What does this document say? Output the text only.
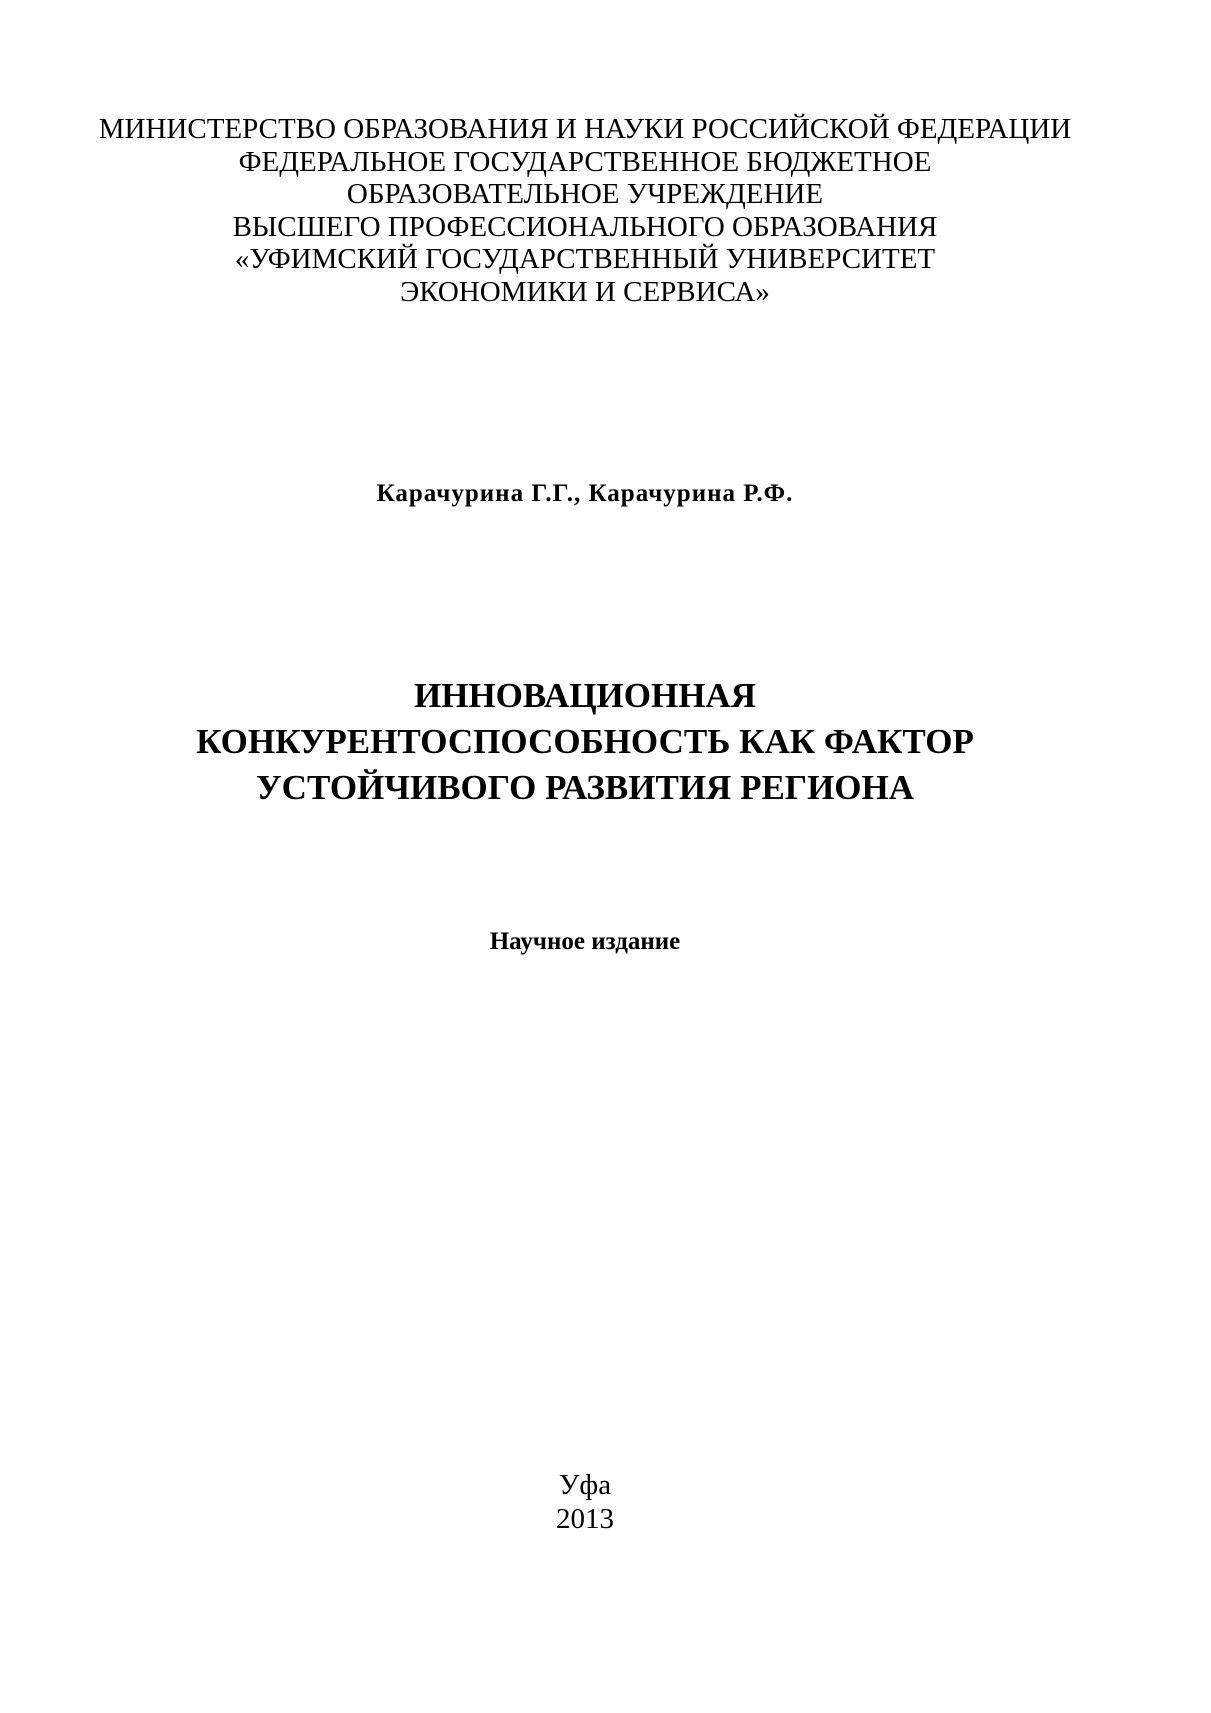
МИНИСТЕРСТВО ОБРАЗОВАНИЯ И НАУКИ РОССИЙСКОЙ ФЕДЕРАЦИИ
ФЕДЕРАЛЬНОЕ ГОСУДАРСТВЕННОЕ БЮДЖЕТНОЕ
ОБРАЗОВАТЕЛЬНОЕ УЧРЕЖДЕНИЕ
ВЫСШЕГО ПРОФЕССИОНАЛЬНОГО ОБРАЗОВАНИЯ
«УФИМСКИЙ ГОСУДАРСТВЕННЫЙ УНИВЕРСИТЕТ
ЭКОНОМИКИ И СЕРВИСА»
Карачурина Г.Г., Карачурина Р.Ф.
ИННОВАЦИОННАЯ
КОНКУРЕНТОСПОСОБНОСТЬ КАК ФАКТОР
УСТОЙЧИВОГО РАЗВИТИЯ РЕГИОНА
Научное издание
Уфа
2013
